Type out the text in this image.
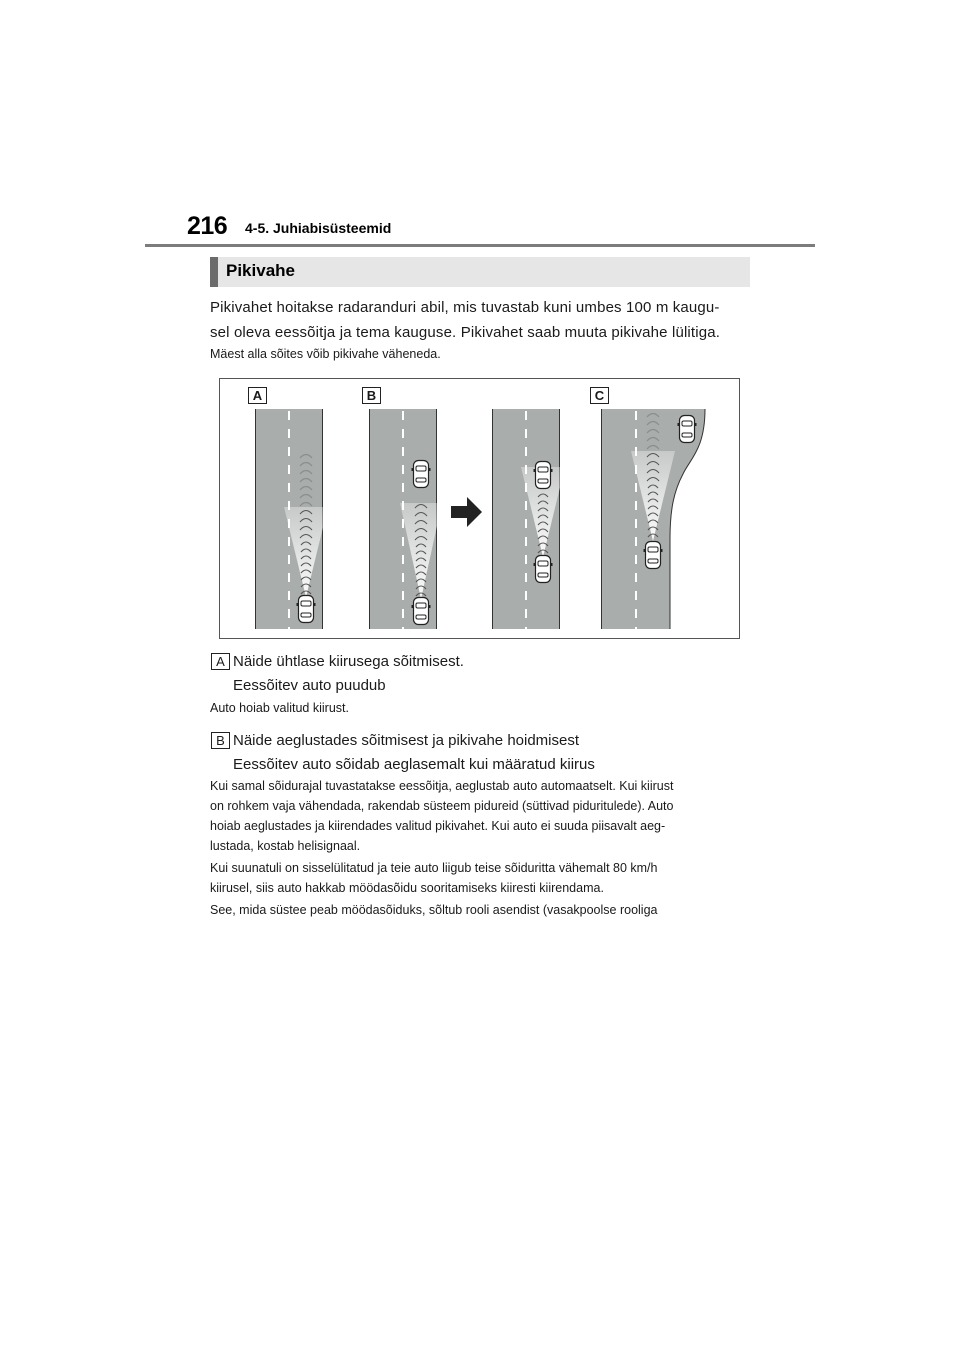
216 4-5. Juhiabisüsteemid
Pikivahe
Pikivahet hoitakse radaranduri abil, mis tuvastab kuni umbes 100 m kaugu-
sel oleva eessõitja ja tema kauguse. Pikivahet saab muuta pikivahe lülitiga.
Mäest alla sõites võib pikivahe väheneda.
A	B	C
A Näide ühtlase kiirusega sõitmisest.
Eessõitev auto puudub
Auto hoiab valitud kiirust.
B Näide aeglustades sõitmisest ja pikivahe hoidmisest
Eessõitev auto sõidab aeglasemalt kui määratud kiirus
Kui samal sõidurajal tuvastatakse eessõitja, aeglustab auto automaatselt. Kui kiirust
on rohkem vaja vähendada, rakendab süsteem pidureid (süttivad piduritulede). Auto
hoiab aeglustades ja kiirendades valitud pikivahet. Kui auto ei suuda piisavalt aeg-
lustada, kostab helisignaal.
Kui suunatuli on sisselülitatud ja teie auto liigub teise sõiduritta vähemalt 80 km/h
kiirusel, siis auto hakkab möödasõidu sooritamiseks kiiresti kiirendama.
See, mida süstee peab möödasõiduks, sõltub rooli asendist (vasakpoolse rooliga
